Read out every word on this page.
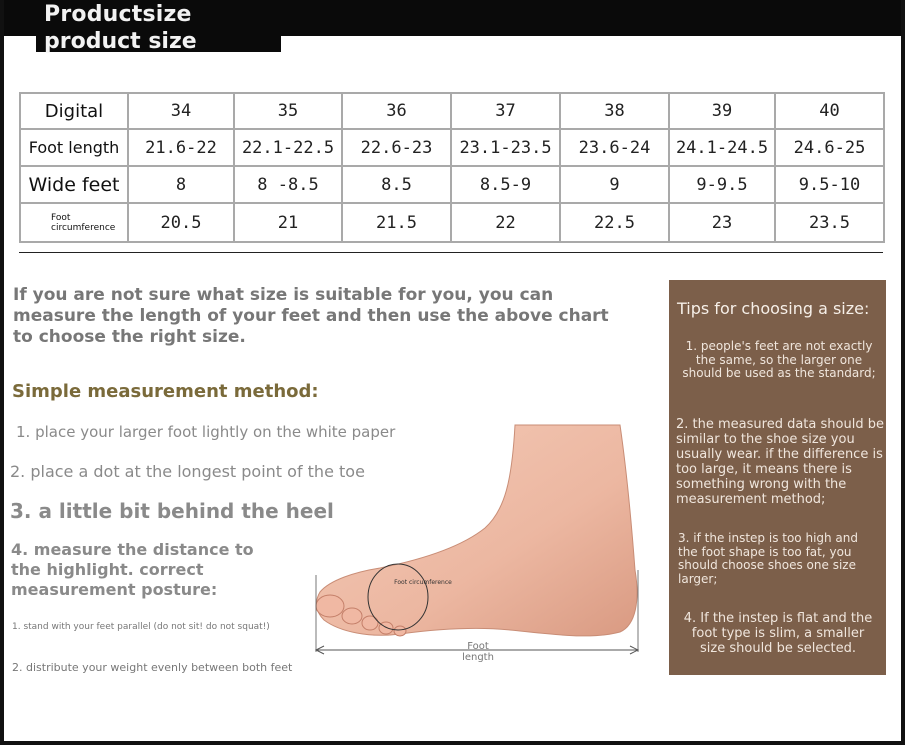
Productsize
product size
Digital	34	35	36	37	38	39	40
Foot length	21.6-22	22.1-22.5	22.6-23	23.1-23.5	23.6-24	24.1-24.5	24.6-25
Wide feet	8	8 -8.5	8.5	8.5-9	9	9-9.5	9.5-10
Foot circumference	20.5	21	21.5	22	22.5	23	23.5
If you are not sure what size is suitable for you, you can measure the length of your feet and then use the above chart to choose the right size.
Simple measurement method:
1. place your larger foot lightly on the white paper
2. place a dot at the longest point of the toe
3. a little bit behind the heel
4. measure the distance to the highlight. correct measurement posture:
1. stand with your feet parallel (do not sit! do not squat!)
2. distribute your weight evenly between both feet
Foot circumference
Foot length
Tips for choosing a size:
1. people's feet are not exactly the same, so the larger one should be used as the standard;
2. the measured data should be similar to the shoe size you usually wear. if the difference is too large, it means there is something wrong with the measurement method;
3. if the instep is too high and the foot shape is too fat, you should choose shoes one size larger;
4. If the instep is flat and the foot type is slim, a smaller size should be selected.
